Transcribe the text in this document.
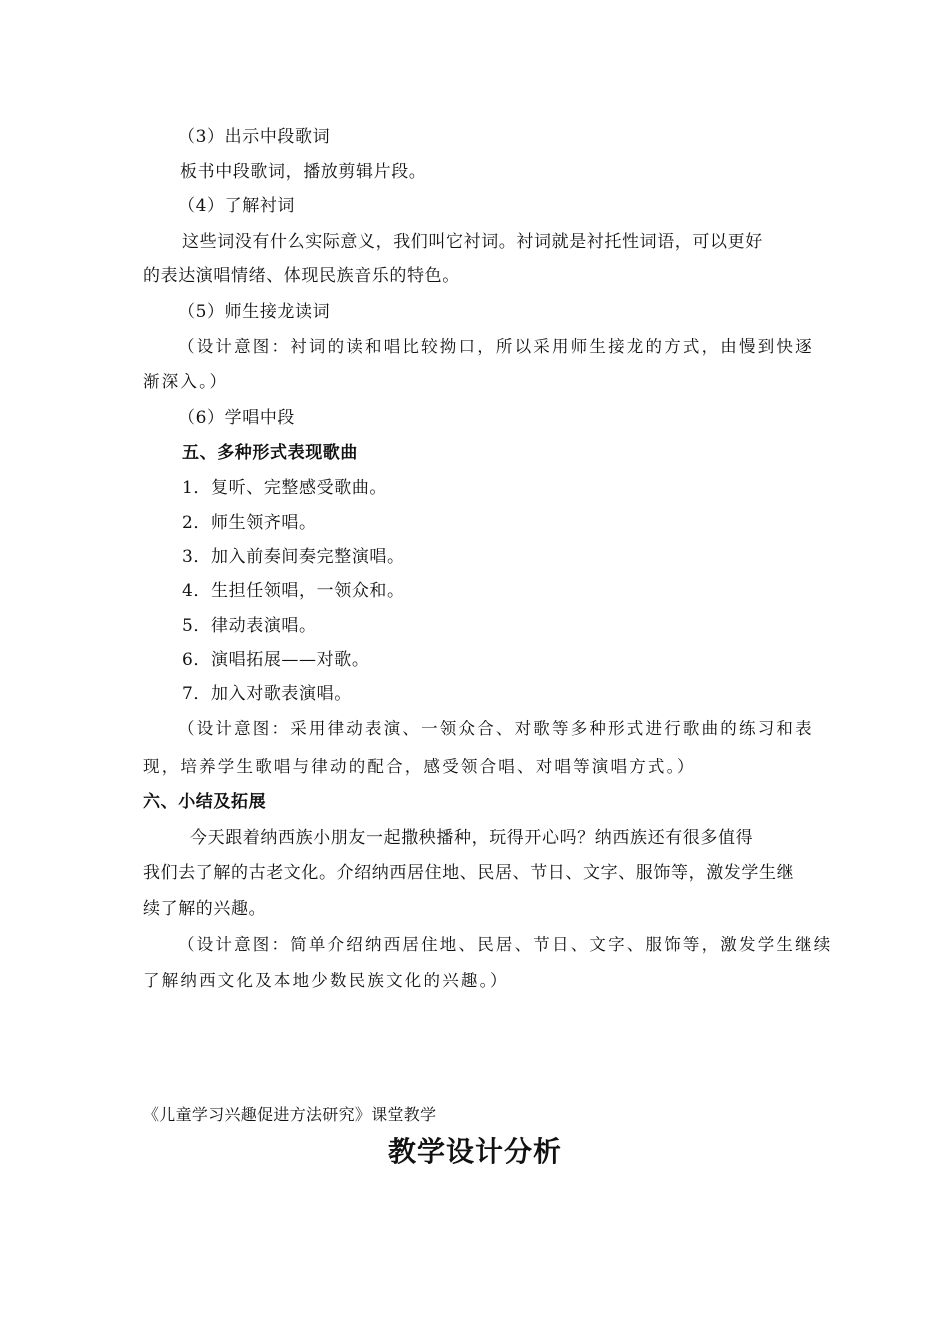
（3）出示中段歌词
板书中段歌词，播放剪辑片段。
（4）了解衬词
这些词没有什么实际意义，我们叫它衬词。衬词就是衬托性词语，可以更好
的表达演唱情绪、体现民族音乐的特色。
（5）师生接龙读词
（设计意图：衬词的读和唱比较拗口，所以采用师生接龙的方式，由慢到快逐
渐深入。）
（6）学唱中段
五、多种形式表现歌曲
1．复听、完整感受歌曲。
2．师生领齐唱。
3．加入前奏间奏完整演唱。
4．生担任领唱，一领众和。
5．律动表演唱。
6．演唱拓展——对歌。
7．加入对歌表演唱。
（设计意图：采用律动表演、一领众合、对歌等多种形式进行歌曲的练习和表
现，培养学生歌唱与律动的配合，感受领合唱、对唱等演唱方式。）
六、小结及拓展
今天跟着纳西族小朋友一起撒秧播种，玩得开心吗？纳西族还有很多值得
我们去了解的古老文化。介绍纳西居住地、民居、节日、文字、服饰等，激发学生继
续了解的兴趣。
（设计意图：简单介绍纳西居住地、民居、节日、文字、服饰等，激发学生继续
了解纳西文化及本地少数民族文化的兴趣。）
《儿童学习兴趣促进方法研究》课堂教学
教学设计分析
